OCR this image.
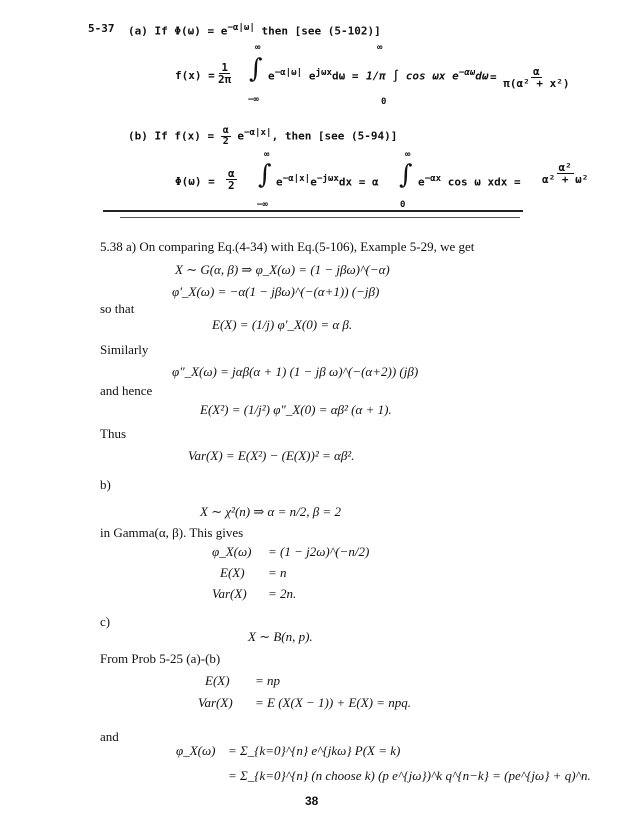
5-37 (a) If $\Phi(\omega) = e^{-\alpha|\omega|}$ then [see (5-102)]
$f(x) = \frac{1}{2\pi}$
∞
∫
−∞
$e^{-\alpha|\omega|}$ $e^{j\omega x}d\omega$ =
∞
1/π ∫ cos ωx $e^{-\alpha\omega}d\omega$
0
= $\frac{\alpha}{\text{π(α² + x²)}}$
(b) If $f(x) = \frac{\alpha}{2} e^{-\alpha|x|}$, then [see (5-94)]
$\Phi(\omega) = \frac{\alpha}{2}$
∞
∫
−∞
$e^{-\alpha|x|}e^{-j\omega x}dx = \alpha$
∞
∫
0
$e^{-\alpha x}$ cos ω xdx = $\frac{\text{α²}}{\text{α² + ω²}}$
5.38 a) On comparing Eq.(4-34) with Eq.(5-106), Example 5-29, we get
X ∼ G(α, β) ⇒ φ_X(ω) = (1 − jβω)^(−α)
φ′_X(ω) = −α(1 − jβω)^(−(α+1)) (−jβ)
so that
E(X) = (1/j) φ′_X(0) = α β.
Similarly
φ″_X(ω) = jαβ(α + 1) (1 − jβ ω)^(−(α+2)) (jβ)
and hence
E(X²) = (1/j²) φ″_X(0) = αβ² (α + 1).
Thus
Var(X) = E(X²) − (E(X))² = αβ².
b)
X ∼ χ²(n) ⇒ α = n/2, β = 2
in Gamma(α, β). This gives
φ_X(ω) = (1 − j2ω)^(−n/2)
E(X) = n
Var(X) = 2n.
c)
X ∼ B(n, p).
From Prob 5-25 (a)-(b)
E(X) = np
Var(X) = E (X(X − 1)) + E(X) = npq.
and
φ_X(ω) = Σ_{k=0}^{n} e^{jkω} P(X = k)
= Σ_{k=0}^{n} (n choose k) (p e^{jω})^k q^{n−k} = (pe^{jω} + q)^n.
38
